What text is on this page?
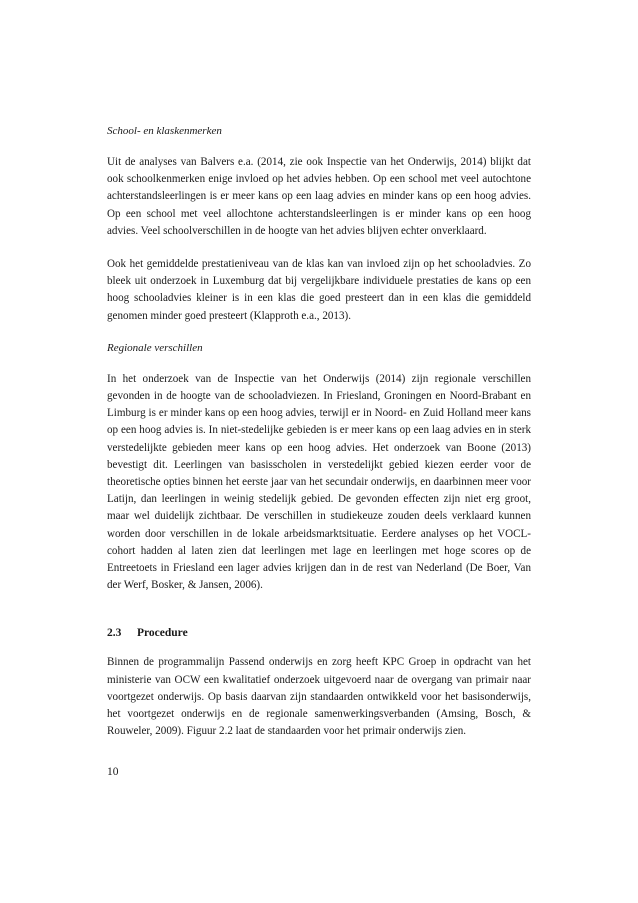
School- en klaskenmerken

Uit de analyses van Balvers e.a. (2014, zie ook Inspectie van het Onderwijs, 2014) blijkt dat ook schoolkenmerken enige invloed op het advies hebben. Op een school met veel autochtone achterstandsleerlingen is er meer kans op een laag advies en minder kans op een hoog advies. Op een school met veel allochtone achterstandsleerlingen is er minder kans op een hoog advies. Veel schoolverschillen in de hoogte van het advies blijven echter onverklaard.

Ook het gemiddelde prestatieniveau van de klas kan van invloed zijn op het schooladvies. Zo bleek uit onderzoek in Luxemburg dat bij vergelijkbare individuele prestaties de kans op een hoog schooladvies kleiner is in een klas die goed presteert dan in een klas die gemiddeld genomen minder goed presteert (Klapproth e.a., 2013).

Regionale verschillen

In het onderzoek van de Inspectie van het Onderwijs (2014) zijn regionale verschillen gevonden in de hoogte van de schooladviezen. In Friesland, Groningen en Noord-Brabant en Limburg is er minder kans op een hoog advies, terwijl er in Noord- en Zuid Holland meer kans op een hoog advies is. In niet-stedelijke gebieden is er meer kans op een laag advies en in sterk verstedelijkte gebieden meer kans op een hoog advies. Het onderzoek van Boone (2013) bevestigt dit. Leerlingen van basisscholen in verstedelijkt gebied kiezen eerder voor de theoretische opties binnen het eerste jaar van het secundair onderwijs, en daarbinnen meer voor Latijn, dan leerlingen in weinig stedelijk gebied. De gevonden effecten zijn niet erg groot, maar wel duidelijk zichtbaar. De verschillen in studiekeuze zouden deels verklaard kunnen worden door verschillen in de lokale arbeidsmarktsituatie. Eerdere analyses op het VOCL-cohort hadden al laten zien dat leerlingen met lage en leerlingen met hoge scores op de Entreetoets in Friesland een lager advies krijgen dan in de rest van Nederland (De Boer, Van der Werf, Bosker, & Jansen, 2006).

2.3	Procedure

Binnen de programmalijn Passend onderwijs en zorg heeft KPC Groep in opdracht van het ministerie van OCW een kwalitatief onderzoek uitgevoerd naar de overgang van primair naar voortgezet onderwijs. Op basis daarvan zijn standaarden ontwikkeld voor het basisonderwijs, het voortgezet onderwijs en de regionale samenwerkingsverbanden (Amsing, Bosch, & Rouweler, 2009). Figuur 2.2 laat de standaarden voor het primair onderwijs zien.

10
